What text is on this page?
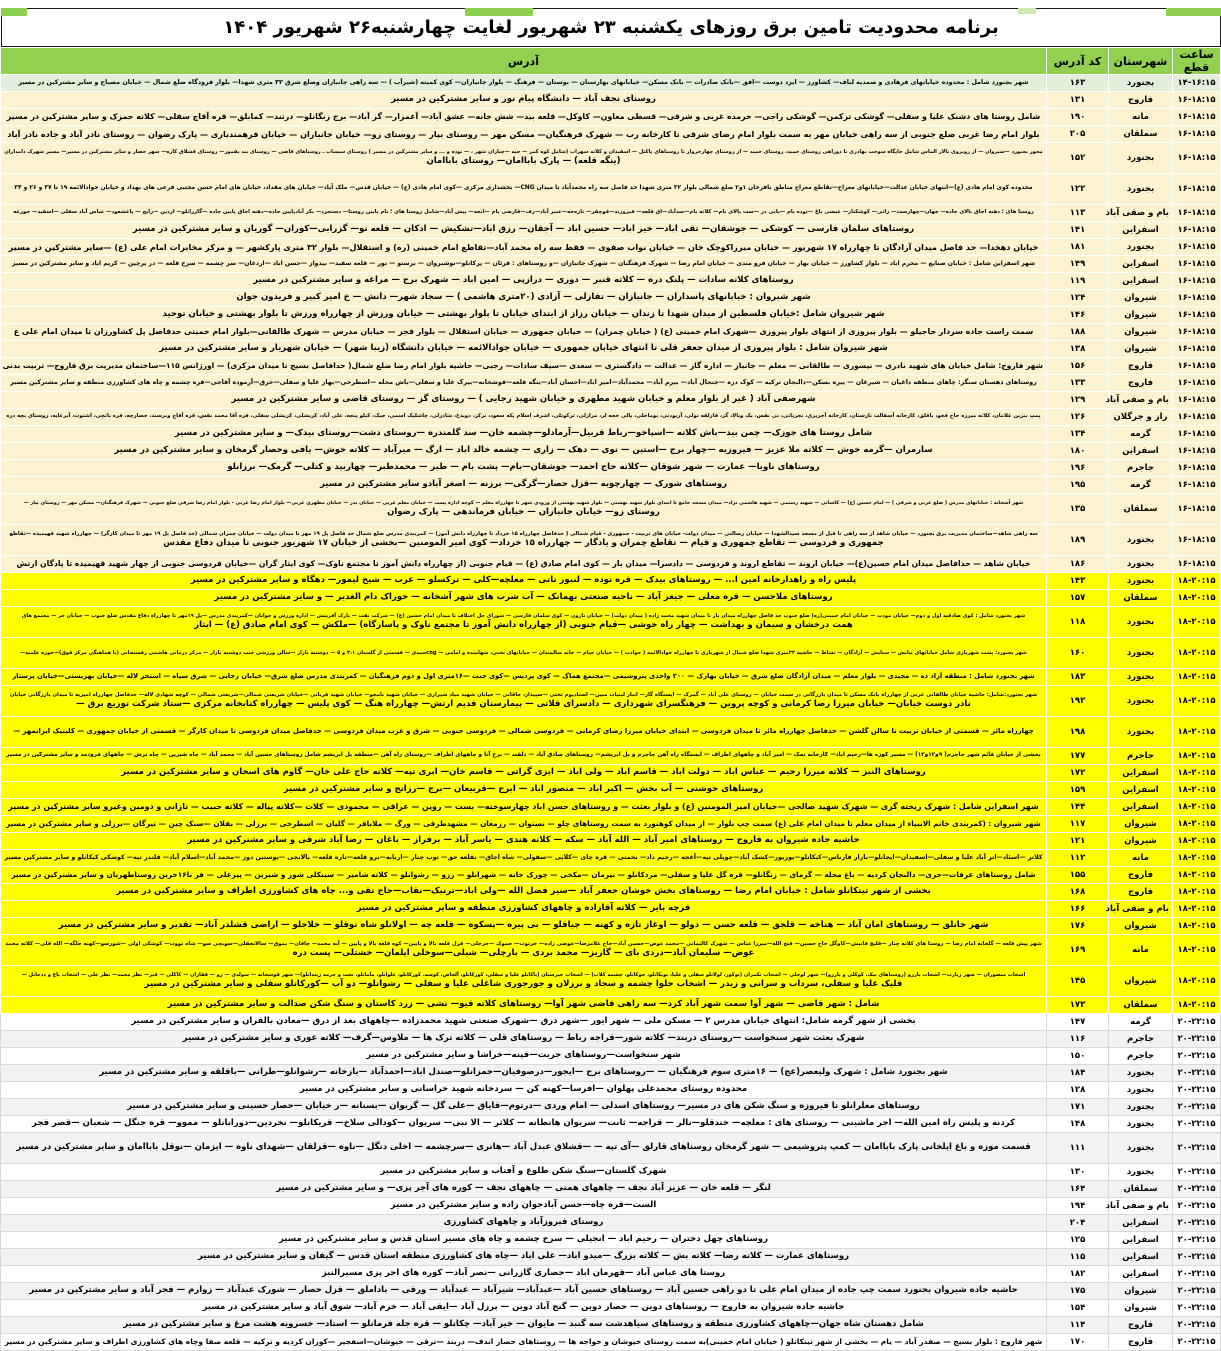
برنامه محدودیت تامین برق روزهای یکشنبه ۲۳ شهریور لغایت چهارشنبه۲۶ شهریور ۱۴۰۴
ساعت قطع	شهرستان	کد آدرس	آدرس
۱۴-۱۶:۱۵	بجنورد	۱۶۳	شهر بجنورد شامل : محدوده خیابانهای فرهادی و صمدیه لباف— کشاورز — ایزد دوست —افق —بانک صادرات — بانک مسکن— خیابانهای بهارستان — بوستان — فرهنگ — بلوار جانبازان— کوی کمیته (شیرآب ) — سه راهی جانبازان وضلع شرق ۳۲ متری شهدا— بلوار فرودگاه ضلع شمال — خیابان مصباح و سایر مشترکین در مسیر

۱۶-۱۸:۱۵	فاروج	۱۳۱	روستای نجف آباد — دانشگاه پیام نور و سایر مشترکین در مسیر

۱۶-۱۸:۱۵	مانه	۱۹۰	شامل روستا های دشنک علیا و سفلی— گوشکی ترکمن— گوشکی راجی— خرمده غربی و شرقی— قسطی معاون— کاوکل— قلعه بید— شش خانه— عشق آباد— آغمزار— گز آباد— برج زنگانلو— درتند— کمابلق— قره آقاچ سفلی— کلاته حمزک و سایر مشترکین در مسیر

۱۶-۱۸:۱۵	سملقان	۲۰۵	بلوار امام رضا غربی ضلع جنوبی از سه راهی خیابان مهر به سمت بلوار امام رضای شرقی تا کارخانه رب — شهرک فرهنگیان— مسکن مهر — روستای بیار — روستای زو— خیابان جانبازان — خیابان فرهمندیاری — پارک رضوان — روستای نادر آباد و جاده نادر آباد

۱۶-۱۸:۱۵	بجنورد	۱۵۲	محور بجنورد —شیروان — از روبروی تالار الماس شامل جایگاه سوخت بهادری تا دوراهی روستای حمید، روستای حمید — از روستای چهارخروار تا روستاهای پاکتل — اسفیدان و کلاته سهراب (شامل کوه کمر — جبه —چناران شهر ، — توده و ... و سایر مشترکین در مسیر ) روستای سیساب ـ روستاهای قاضی — روستای بند یفمور— روستای قشلاق کاره— شهر حصار و سایر مشترکین در مسیر— مسیر شهرک دامداران
(ینگه قلعه) — پارک باباامان— روستای باباامان

۱۶-۱۸:۱۵	بجنورد	۱۲۲	محدوده کوی امام هادی (ع)—انتهای خیابان عدالت—خیابانهای معراج—تقاطع معراج مناطق باقرخان ۱و۲ ضلع شمالی بلوار ۳۲ متری شهدا حد فاصل سه راه محمدآباد تا میدان CNG— بخشداری مرکزی —کوی امام هادی (ع) — خیابان قدس— ملک آباد— خیابان های مقداد، خیابان های امام حسن مجتبی فرعی های بهداد و خیابان جوادالائمه ۱۹ تا ۳۷ و ۲۶ و ۳۴

۱۶-۱۸:۱۵	بام و صفی آباد	۱۱۳	روستا های ؛ دهنه اجاق بالای جاده— جهان—چهارست— زانی— کوشکنار— عیسی باغ —توده بام —بانی در —ست بالای بام— کلاته بام—سدآباد—اق قلعه— فیروزند—قوچقر— تازه‌خه—عنبر آباد—زف—قارضی بام —انجه— پیش آباد—شامل روستا های ؛ بام پایین روستا— دستجرد— بکر آبادپایین جاده—دهنه اجاق پایین جاده —گازرانلو— اردین —رایج — پاغشعود— عباس آباد سفلی —اسفید— جوزغه

۱۶-۱۸:۱۵	اسفراین	۱۴۱	روستاهای سلمان فارسی — کوشکی — جوشقان— تقی اباد— خیر اباد— حسین اباد — آجقان— رزق اباد—تشکیش — ادکان — قلعه نو— گزرابی—کوران— گوریان و سایر مشترکین در مسیر

۱۶-۱۸:۱۵	بجنورد	۱۸۱	خیابان دهخدا— حد فاصل میدان آزادگان تا چهارراه ۱۷ شهریور — خیابان میرزاکوچک خان — خیابان نواب صفوی — فقط سه راه محمد آباد—تقاطع امام خمینی (ره) و استقلال— بلوار ۳۲ متری پارکشهر — و مرکز مخابرات امام علی (ع) —سایر مشترکین در مسیر

۱۶-۱۸:۱۵	اسفراین	۱۴۹	شهر اسفراین شامل : خیابان صنایع — محرم اباد — بلوار کشاورز — خیابان بهار — خیابان فرو مندی — خیابان امام رضا — شهرک فرهنگیان — شهرک جانبازان —و روستاهای : قرئان — پرکانلو—نوشیروان — برستو — نور — قلعه سفید— بیدواز —حسن اباد —اردغان— سر چشمه — سرخ قلعه — در پرچین — کریم اباد و سایر مشترکین در مسیر

۱۶-۱۸:۱۵	اسفراین	۱۱۹	روستاهای کلاته سادات — پلنک دره — کلاته قنبر — دوری — درازپی — امین اباد — شهرک برج — مراغه و سایر مشترکین در مسیر

۱۶-۱۸:۱۵	شیروان	۱۲۴	شهر شیروان : خیابانهای پاسداران — جانبازان — تفازلی — آزادی (۲۰متری هاشمی ) — سجاد شهر— دانش — خ امیر کبیر و فریدون جوان

۱۶-۱۸:۱۵	شیروان	۱۴۶	شهر شیروان شامل :خیابان فلسطین از میدان شهدا تا زندان — خیابان رزاز از ابتدای خیابان تا بلوار بهشتی — خیابان ورزش از چهارراه ورزش تا بلوار بهشتی و خیابان توحید

۱۶-۱۸:۱۵	شیروان	۱۸۸	سمت راست جاده سردار حاجیلو — بلوار پیروزی از انتهای بلوار پیروزی —شهرک امام خمینی (ع) ( خیابان چمران) — خیابان جمهوری — خیابان استقلال — بلوار فجر — خیابان مدرس — شهرک طالقانی—بلوار امام خمینی حدفاصل پل کشاورزان تا میدان امام علی ع

۱۶-۱۸:۱۵	شیروان	۱۳۸	شهر شیروان شامل : بلوار پیروزی از میدان جعفر قلی تا انتهای خیابان جمهوری — خیابان جوادالائمه — خیابان دانشگاه (زیبا شهر) — خیابان شهریار و سایر مشترکین در مسیر

۱۶-۱۸:۱۵	فاروج	۱۵۶	شهر فاروج: شامل خیابان های شهید نادری — نیسوری — طالقانی — معلم — جانباز — اداره گاز — عدالت — دادگستری — سعدی —سیف سادات— رجبی— حاشیه بلوار امام رضا ضلع شمال( حدافاصل بسیج تا میدان مرکزی) — اورژانس ۱۱۵—ساختمان مدیریت برق فاروج— تربیت بدنی

۱۶-۱۸:۱۵	فاروج	۱۳۳	روستاهای دهستان سنگر: چاهای منطقه داغیان — شیرغان — پیره بسکن—دالنجان ترکیه — کوک دره —جنجال آباد— بیرم آباد— محمدآباد—امیر اباد—احسان آباد—ینگه قلعه—قوشخانه—بیرک علیا و سفلی—باش محله —اسطرخی—بهار علیا و سفلی—خرق—آرموده آقاجی—قره چشمه و چاه های کشاورزی منطقه و سایر مشترکین مسیر

۱۶-۱۸:۱۵	بام و صفی آباد	۱۲۹	شهرصفی آباد ( غیر از بلوار معلم و خیابان شهید مطهری و خیابان شهید رجایی ) — روستای گز — روستای قاضی و سایر مشترکین در مسیر

۱۶-۱۸:۱۵	راز و جرگلان	۱۲۶	پمپ بنزین غلامان، کلاته میرزه حاج فخو، باقلق، کارخانه آسفالت نارستان، کارخانه آجرپزی، تجریاتی، تی نفس، یک وبالا، گز، قارلقه تولی، آربودتی، بوماخلی، یالی خجه لر، مرازلی، ترکوتلی، اشرف اسلام یکه سعود، ترکز، دویدخ، شادرلی، چاشلیک اسمی، جیک، کیلو پنجه، علی آباد، کریشلی، کریشلی سفلی، قره آقا محمد نفس، قره آقاچ وبرسند، حصارچه، فره باتچی، اشتوت، آبرغایه، روستای بچه دره

۱۶-۱۸:۱۵	گرمه	۱۳۴	شامل روستا های جوزک— چمن بید—باش کلاته —اسپاخو—رباط قربیل—آرمادلو—چشمه خان— سد گلمندره —روستای دشت—روستای بیدک— و سایر مشترکین در مسیر

۱۶-۱۸:۱۵	اسفراین	۱۸۰	سارمران —گرمه خوش — کلاته ملا عزیز — فیروزیه —چهار برج —استین — نوی — دهک — زاری — چشمه خالد اباد — ارگ — میرآباد — کلاته خوش— یافی وحصار گرمخان و سایر مشترکین در مسیر

۱۶-۱۸:۱۵	جاجرم	۱۹۶	روستاهای ناویا— عمارت — شهر شوقان —کلاته حاج احمد— جوشقان—بام— پشت بام — طبر — محمدطبر— چهاربید و کتلی— گرمک— برزانلو

۱۶-۱۸:۱۵	گرمه	۱۹۵	روستاهای شورک — چهارچوبه —قزل حصار—گرگی— برزنه — اصغر آبادو سایر مشترکین در مسیر

۱۶-۱۸:۱۵	سملقان	۱۳۵	شهر آشخانه : خیابانهای مدرس ( ضلع غربی و شرقی ) — امام حسین (ع) — کاشانی — شهید رستمی — شهید هاشمی نژاد— میدان مسجد جامع تا ابتدای بلوار شهید بهشتی — بلوار شهید بهشتی از ورودی شهر تا چهارراه معلم — کوچه اداره پست — خیابان معلم غربی — خیابان بدر — خیابان مطهری غربی— بلوار امام رضا غربی - بلوار امام رضا شرقی ضلع جنوبی — شهرک فرهنگیان— مسکن مهر — روستای بیار —
روستای زو— خیابان جانبازان — خیابان فرماندهی — پارک رضوان

۱۶-۱۸:۱۵	بجنورد	۱۸۹	سه راهی شاهد—ساختمان مدیریت برق بجنورد — خیابان شاهد از سه راهی تا قبل از مسجد سیدالشهدا — خیابان رسالتی — میدان دولت- خیابان های تربیت - جمهوری - قیام شمالی ( حدفاصل چهارراه ۱۵ خرداد تا چهارراه دانش آموز) — کمربندی مدرس ضلع شمال حد فاصل پل ۱۹ مهر تا میدان دولت — خیابان چمران شمالی (حد فاصل پل ۱۹ مهر تا میدان کارگر) — چهارراه شهید قهیمیده —تقاطع
جمهوری و فردوسی — تقاطع جمهوری و قیام — تقاطع چمران و یادگار — چهارراه ۱۵ خرداد— کوی امیر المومنین —بخشی از خیابان ۱۷ شهریور جنوبی تا میدان دفاع مقدس

۱۶-۱۸:۱۵	بجنورد	۱۸۶	خیابان شاهد — حدافاصل میدان امام حسین(ع)— خیابان اروند — تقاطع اروند و فردوسی — دادسرا— میدان بار — کوی امام صادق (ع) — قیام جنوبی (از چهارراه دانش آموز تا مجتمع ناوک— کوی ایثار گران —خیابان فردوسی جنوبی از چهار شهید قهیمیده تا پادگان ارتش

۱۸-۲۰:۱۵	بجنورد	۱۴۳	پلیس راه و راهدارخانه امین ا... — روستاهای بیدک — قره توده — لنبور ناتی — معلچه—کلی — ترکسلو — عرب — شیخ لیمور— دهگاه و سایر مشترکین در مسیر

۱۸-۲۰:۱۵	سملقان	۱۵۷	روستاهای ملاحسن — قره معلی — جیغر آباد — ناحیه صنعتی بهمانک — آب شرب های شهر آشخانه — خوراک دام الغدیر — و سایر مشترکین در مسیر

۱۸-۲۰:۱۵	بجنورد	۱۱۸	شهر بجنورد شامل : کوی صادقیه اول و دوم— خیابان مودت — خیابان امام خمینی(ره) ضلع جنوب حد فاصل چهارراه میدان بار تا میدان شهید محمد زاده ( میدان دولت) — خیابان نارون — کوی سلمان فارسی — شورای حل اختلاف تا میدان امام حسین (ع) — شرکت نفت — پارک آفرینش — اداره ورزش و جوانان —کمربندی مدرس —پل ۱۹مهر تا چهارراه دفاع مقدس ضلع جنوب — خیابان حر — مجتمع های
همت درخشان و سیمان و بهداشت — چهار راه خوشی —قیام جنوبی (از چهارراه دانش آموز تا مجتمع ناوک و پاسارگاه) —ملکش — کوی امام صادق (ع) — ایثار

۱۸-۲۰:۱۵	بجنورد	۱۶۰	شهر بجنورد: پشت شهربازی شامل خیابانهای نیایش — ستایش — آزادگان — نشاط — حاشیه ۳۲متری شهدا ضلع شمال از شهربازی تا چهارراه جوادالائمه ( حوادث ) — خیابان خیام — خانه سالمندان — خیابانهای تختی، شهامتده و امامی — cngسیدی — قسمتی از گلستان ۳،۱ و ۵ — دوشنبه بازار —سالن ورزشی جنب دوشنبه بازار — مرکز درمانی هاشمی رفسنجانی (با هماهنگی مرکز فوق)—حوزه علمیه—

۱۸-۲۰:۱۵	بجنورد	۱۸۳	شهر بجنورد شامل : منطقه آزاد ده — مجیدی — بلوار معلم — میدان آزادگان ضلع شرق — خیابان بهارک — ۲۰۰ واحدی پتروشیمی —مجتمع هماگ — کوی پردیس —کوی جنت —۱۶متری اول و دوم فرهنگیان — کمربندی مدرس ضلع شرق— خیابان رجایی — شرق سپاه — استخر لاله —خیابان بهزیستی—خیابان پرستار

۱۸-۲۰:۱۵	بجنورد	۱۹۲	شهر بجنورد:شامل: حاشیه خیابان طالقانی غربی از چهارراه بانک مسکن تا میدان بازرگانی در سمت خیابان — روستای علی آباد — گمرک — ایستگاه گاز— انبار لبنیات مبین— استادیوم تختی —سپیدار، حاقانی — خیابان شهید میاد شیرازی — خیابان شهید نامجو— خیابان شهید قربانی —خیابان شریعتی شمالی—شریعتی شمالی — کوچه شهادی لاله— حدفاصل چهارراه امیریه تا میدان بازرگانی خیابان
نادر دوست خیابان— خیابان میرزا رضا کرمانی و کوچه پروین — فرهنگسرای شهرداری — دادسرای قلاتی — بیمارستان قدیم ارتش— چهارراه هنگ — کوی پلیس — چهارراه کتابخانه مرکزی —ستاد شرکت توزیع برق —

۱۸-۲۰:۱۵	بجنورد	۱۹۸	چهارراه مائر — قسمتی از خیابان تربیت تا سالن گلشن — حدفاصل چهارراه مائر تا میدان فردوسی — ابتدای خیابان میرزا رضای کرمانی — فردوسی شمالی — فردوسی جنوبی — شرق و غرب میدان فردوسی — حدفاصل میدان فردوسی تا میدان کارگر — قسمتی از خیابان جمهوری — کلینیک ایرانمهر —

۱۸-۲۰:۱۵	جاجرم	۱۷۷	بخشی از خیابان قائم شهر جاجرم( ۹و۱۲و۱۳) — مسیر کوره ها—رحیم اباد— کارخانه نمک — امیر آباد و چاههای اطراف — ایستگاه راه آهن جاجرم و پل ابریشم— روستاهای صادق آباد — دلقند — برج آنا و چاههای اطراف —روستای راه آهن —منطقه پل ابریشم شامل روستاهای حسین آباد — محمد آباد — چاه شیرین — چاه ترش — چاههای فرودمد و سایر مشترکین در مسیر

۱۸-۲۰:۱۵	اسفراین	۱۷۲	روستاهای النبز — کلاته میرزا رحیم — عباس اباد — دولت اباد — قاسم اباد — ولی اباد — ایزی گراتی — قاسم خان— ابری تپه— کلاته حاج علی خان— گاوم های اسحان و سایر مشترکین در مسیر

۱۸-۲۰:۱۵	اسفراین	۱۵۹	روستاهای خوشنی — آب بخش — اکبر اباد — منصور اباد — ایرج —قربیعان —برج —رزانج و سایر مشترکین در مسیر

۱۸-۲۰:۱۵	اسفراین	۱۴۴	شهر اسفراین شامل : شهرک ریخته گری — شهرک شهید صالحی —خیابان امیر المومنین (ع) و بلوار بعثت — و روستاهای حسن اباد چهارسوخته— بست — روین — عراقی — محمودی — کلات —کلاته پیاله — کلاته حبیب — تازانی و دومین وغیرو سایر مشترکین در مسیر

۱۸-۲۰:۱۵	شیروان	۱۱۷	شهر شیروان : (کمربندی خاتم الانبیاء از میدان معلم تا میدان امام علی (ع) سمت چپ بلوار — از میدان کوهنورد به سمت روستاهای چلو — نستوان — رزمغان — مشهدطرقی — ورگ — ملاباقر — گلیان — اسطرخی — برزلی — بقلان —سنک چین — تیرگان —برزلی و سایر مشترکین در مسیر

۱۸-۲۰:۱۵	شیروان	۱۲۱	حاشیه جاده شیروان به فاروج — روستاهای امیر آباد — الله آباد — سکه — کلاته هندی — یاسر آباد — برفراز — باغان — رضا آباد شرقی و سایر مشترکین در مسیر

۱۸-۲۰:۱۵	مانه	۱۱۲	کلاتر —اسئاد—اتر آباد علیا و سفلی—اسفیدان—ایجانلو—بازار قارناس—کیکانلو—پورپور—کشک آباد—چوپلی تپه—آغجه —رحیم داد— نخمتی — قره چای —کلاپی —سقولی— شاه اجاق— نقلعه حق— توپ چنار —اربابه—برو قلعه—تازه قلعه— بالانجی —پوستین دوز —محمد آباد—اسلام آباد— قلندر تپه— کوشکی کیکانلو و سایر مشترکین مسیر

۱۸-۲۰:۱۵	فاروج	۱۵۵	شامل روستاهای عرفات—جری— دالنجان کردیه — باغ محله — گرمای — زنگانلو— قره گل علیا و سفلی— مردکانلو — نیرمان —مکخی — چورک خانه — شهرانلو — رزو — رشوانلو — کلاته شامیر — سینکلی شور و شیرین — پیرعلی — فر نا۱۶خرین روستاطهربان و سایر مشترکین در مسیر

۱۸-۲۰:۱۵	فاروج	۱۶۸	بخشی از شهر تیتکانلو شامل : خیابان امام رضا — روستاهای بخش خوشان جعفر آباد —سیر فضل الله —ولی اباد—ترنیک—نقاب—حاج تقی و... چاه های کشاورزی اطراف و سایر مشترکین در مسیر

۱۸-۲۰:۱۵	بام و صفی آباد	۱۶۶	قرچه بایر — کلاته آقازاده و چاههای کشاورزی منطقه و سایر مشترکین در مسیر

۱۸-۲۰:۱۵	شیروان	۱۷۶	شهر خانلق — روستاهای امان آباد — هناخه — قلجق — قلعه حسن — دولو — اوغاز تازه و کهنه — چیاقلو — بی پیره —پسکوه — قلعه چه — اولانلو شاه توقلو — خلاجلو — اراضی قشلدر آباد— تقدیر و سایر مشترکین در مسیر

۱۸-۲۰:۱۵	مانه	۱۶۹	شهر پیش قلعه — گلخانه امام رضا — روستا های کلاته چنار —قلیچ قانیش—کاوگل حاج حسین— فتح الله—میرزا عباس — شهرک کالیمانی —محمد عوض—حسین آباد—حاج غلامرضا—عوضی زاده— خرتوت— حموک —خرجلی— قزل قلعه بالا و پایین— کوه قلعه بالا و پایین — آنه محمد— چاقان— یموق— سالانجفلی—سوبچی سو— شاه تووت— کوشکی اولی —شورسو—کهنه جلگه— الله قلی— کلاته محمد
عوض— سلیمان آباد—دردی بای — گاریز— محمد بردی — بارچلی— شیلی—سوخلی ایلمان— خشتلی— پست دره

۱۸-۲۰:۱۵	شیروان	۱۴۵	اشخاب منصوران — شهر زیارت— اشخاب بارزو (روستاهای بیک، کوکلی و بارزو)— شهر لوجلی — اشخاب تکمران (توکور، لولانلو سفلی و علیا، تویکانلو، جوکانلو، چشمه کلاب) — اشخاب جیرستان (باکانلو علیا و سفلی، کورکانلو، آلخاص، کوسه، کورکانلو، علوانلو، مامانلو، تخت و جرمه زیندانلو)— شهر قوشخانه — سولدی — زو — قفاژان — کاکلی — قیز— نظر محمد— نظر علی — اشخاب باغ و ددخانل —
قلیک علیا و سفلی، سرداب و سرانی و زیدر — اشخاب حلوا چشمه و سجاد و برزلان و جورجوری شاغلی علیا و سفلی — رشوانلو— دو آب —کورکانلو سفلی و سایر مشترکین در مسیر

۱۸-۲۰:۱۵	سملقان	۱۷۳	شامل : شهر قاضی — شهر آوا سمت شهر آباد کرد— سه راهی قاضی شهر آوا— روستاهای کلاته قیو— نشی — زرد کاستان و سنگ شکن صدالت و سایر مشترکین در مسیر

۲۰-۲۲:۱۵	گرمه	۱۴۷	بخشی از شهر گرمه شامل: انتهای خیابان مدرس ۲ — مسکن ملی — شهر ایور —شهر درق —شهرک صنعتی شهید محمدزاده —چاههای بعد از درق —معادن بالقران و سایر مشترکین در مسیر

۲۰-۲۲:۱۵	جاجرم	۱۱۶	شهرک بعثت شهر سنخواست —روستای دربند— کلاته شور—قراجه رباط — روستاهای قلی — کلاته ترک ها — ملاوس—گرف— کلاته عوری و سایر مشترکین در مسیر

۲۰-۲۲:۱۵	جاجرم	۱۵۰	شهر سنخواست—روستاهای جربت—قپنه—خراشا و سایر مشترکین در مسیر

۲۰-۲۲:۱۵	بجنورد	۱۸۴	شهر بجنورد شامل : شهرک ولیعصر(عج) — ۱۶متری سوم فرهنگیان — —روستاهای برج —ایجور—درصوفیان—حمزانلو—صندل اباد—احمدآباد —بازخانه —رشوانلو—طرانی —باقلقه و سایر مشترکین در مسیر

۲۰-۲۲:۱۵	بجنورد	۱۲۸	محدوده روستای محمدعلی پهلوان —افرسا—کهنه کن — سردخانه شهید خراسانی و سایر مشترکین در مسیر

۲۰-۲۲:۱۵	بجنورد	۱۷۱	روستاهای معلرانلو تا فیروزه و سنگ شکن های در مسیر— روستاهای اسدلی — امام وردی —درتوم—قایاق —علی گل — گریوان —بسنانه —ر خیابان —حصار حسینی و سایر مشترکین در مسیر

۲۰-۲۲:۱۵	بجنورد	۱۴۸	کردنه و پلیس راه امین الله— اجر ماشینی — روستای های : معلچه— خندقلو—نالر — قراجه— ثانت— سریوان هانطانه — کلاثر — الا نبی— سریوان —کودالی سلاخ— قریکانلو— نخردین—دورانانلو — مموو— قره جنگل — شعبان —قصر فجر

۲۰-۲۲:۱۵	بجنورد	۱۱۱	قسمت موزه و باغ ایلخانی پارک باباامان — کمپ پتروشیمی — شهر گرمخان روستاهای قارلق —آی تپه — —قشلاق عبدل آباد —هانری —سرچشمه — اخلی دنگل —ناوه —قزلقان —شهدای ناوه — ایزمان —نوقل باباامان و سایر مشترکین در مسیر

۲۰-۲۲:۱۵	بجنورد	۱۳۰	شهرک گلستان—سنگ شکن طلوع و آفتاب و سایر مشترکین در مسیر

۲۰-۲۲:۱۵	سملقان	۱۶۴	لنگر — قلعه خان — عزیز آباد نجف — چاههای همتی — چاههای نجف — کوره های آجر پزی— و سایر مشترکین در مسیر

۲۰-۲۲:۱۵	بام و صفی آباد	۱۹۴	الست—قره چاه—حسن آبادجوان زاده و سایر مشترکین در مسیر

۲۰-۲۲:۱۵	اسفراین	۲۰۴	روستای فیروزآباد و چاههای کشاورزی

۲۰-۲۲:۱۵	اسفراین	۱۲۵	روستاهای چهل دختران — رحیم اباد — انجیلی — سرخ چشمه و چاه های مسیر استان قدس و سایر مشترکین در مسیر

۲۰-۲۲:۱۵	اسفراین	۱۱۵	روستاهای عمارت — کلاته رضا— کلاته بش — کلاته بزرگ —میدو اباد— علی اباد —چاه های کشاورزی منطقه استان قدس — گیفان و سایر مشترکین در مسیر

۲۰-۲۲:۱۵	اسفراین	۱۸۲	روستا های عباس آباد —قهرمان اباد —حصاری گازرانی —نصر آباد— کوره های اجر پزی مسیرالنبز

۲۰-۲۲:۱۵	شیروان	۱۷۵	حاشیه جاده شیروان بجنورد سمت چپ جاده از میدان امام علی تا دو راهی حسین آباد — روستاهای حسین آباد —عبدآباد— شیرآباد — عبدآباد — ورقی — باداملق — قزل حصار — شورک عبدآباد — زوارم — فجر آباد و سایر مشترکین در مسیر

۲۰-۲۲:۱۵	شیروان	۱۵۴	حاشیه جاده شیروان به فاروج — روستاهای دوین — حصار دوین — گنج آباد دوین — برزل آباد —ایقی آباد — خرم آباد— شوق آباد و سایر مشترکین در مسیر

۲۰-۲۲:۱۵	فاروج	۱۱۴	شامل دهستان شاه جهان—چاههای کشاورزی منطقه و روستاهای سیاهدشت سه گنبد — مایوان — خیر آباد— چکانلو — قره جله فرمانلو — استاد— خسرویه هشت مرغ و سایر مشترکین در مسیر

۲۰-۲۲:۱۵	فاروج	۱۷۰	شهر فاروج : بلوار بسیج — صفدر آباد — یام — بخشی از شهر تیتکانلو ( خیابان امام خمینی)به سمت روستای خیوشان و خواجه ها — روستاهای حصار اندف— دربند —ترقی — خیوشان—اسفجیر —کوران کردیه و ترکیه — قلعه صفا وچاه های کشاورزی اطراف و سایر مشترکین در مسیر
